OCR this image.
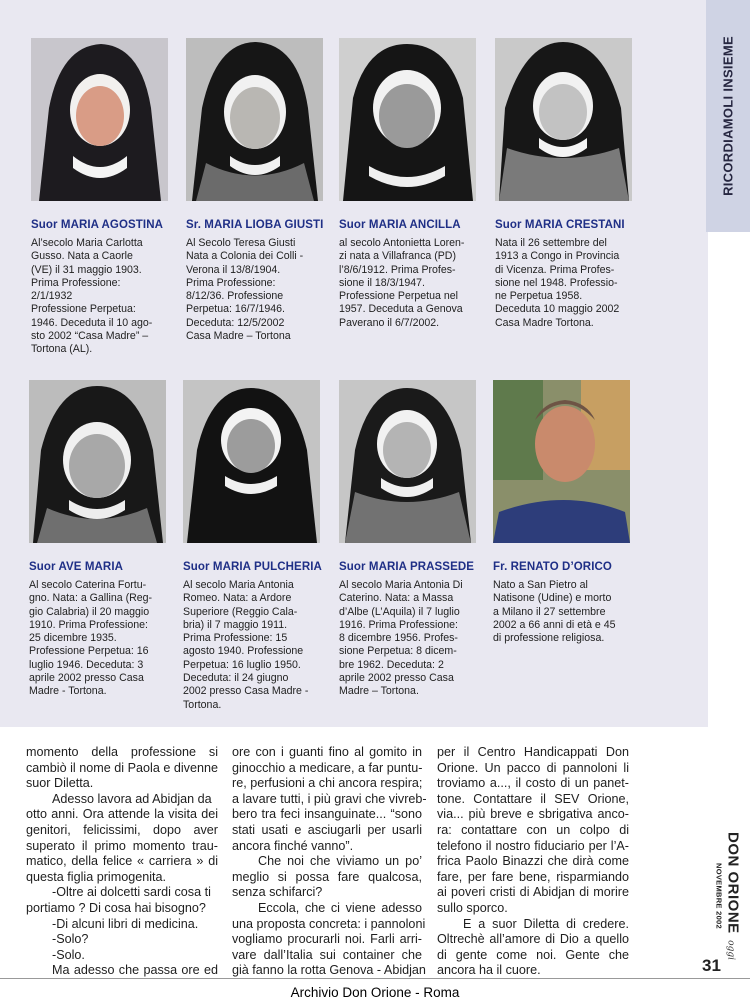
RICORDIAMOLI INSIEME
Suor MARIA AGOSTINA Sr. MARIA LIOBA GIUSTI Suor MARIA ANCILLA	Suor MARIA CRESTANI
Al’secolo Maria Carlotta
Gusso. Nata a Caorle
(VE) il 31 maggio 1903.
Prima Professione:
2/1/1932
Professione Perpetua:
1946. Deceduta il 10 ago-
sto 2002 “Casa Madre” –
Tortona (AL).
Al Secolo Teresa Giusti
Nata a Colonia dei Colli -
Verona il 13/8/1904.
Prima Professione:
8/12/36. Professione
Perpetua: 16/7/1946.
Deceduta: 12/5/2002
Casa Madre – Tortona
al secolo Antonietta Loren-
zi nata a Villafranca (PD)
l’8/6/1912. Prima Profes-
sione il 18/3/1947.
Professione Perpetua nel
1957. Deceduta a Genova
Paverano il 6/7/2002.
Nata il 26 settembre del
1913 a Congo in Provincia
di Vicenza. Prima Profes-
sione nel 1948. Professio-
ne Perpetua 1958.
Deceduta 10 maggio 2002
Casa Madre Tortona.
Suor AVE MARIA	Suor MARIA PULCHERIA Suor MARIA PRASSEDE Fr. RENATO D’ORICO
Al secolo Caterina Fortu-
gno. Nata: a Gallina (Reg-
gio Calabria) il 20 maggio
1910. Prima Professione:
25 dicembre 1935.
Professione Perpetua: 16
luglio 1946. Deceduta: 3
aprile 2002 presso Casa
Madre - Tortona.
Al secolo Maria Antonia
Romeo. Nata: a Ardore
Superiore (Reggio Cala-
bria) il 7 maggio 1911.
Prima Professione: 15
agosto 1940. Professione
Perpetua: 16 luglio 1950.
Deceduta: il 24 giugno
2002 presso Casa Madre -
Tortona.
Al secolo Maria Antonia Di
Caterino. Nata: a Massa
d’Albe (L’Aquila) il 7 luglio
1916. Prima Professione:
8 dicembre 1956. Profes-
sione Perpetua: 8 dicem-
bre 1962. Deceduta: 2
aprile 2002 presso Casa
Madre – Tortona.
Nato a San Pietro al
Natisone (Udine) e morto
a Milano il 27 settembre
2002 a 66 anni di età e 45
di professione religiosa.
momento della professione si
cambiò il nome di Paola e divenne
suor Diletta.
Adesso lavora ad Abidjan da
otto anni. Ora attende la visita dei
genitori, felicissimi, dopo aver
superato il primo momento trau-
matico, della felice « carriera » di
questa figlia primogenita.
-Oltre ai dolcetti sardi cosa ti
portiamo ? Di cosa hai bisogno?
-Di alcuni libri di medicina.
-Solo?
-Solo.
Ma adesso che passa ore ed
ore con i guanti fino al gomito in
ginocchio a medicare, a far puntu-
re, perfusioni a chi ancora respira;
a lavare tutti, i più gravi che vivreb-
bero tra feci insanguinate... “sono
stati usati e asciugarli per usarli
ancora finché vanno”.
Che noi che viviamo un po’
meglio si possa fare qualcosa,
senza schifarci?
Eccola, che ci viene adesso
una proposta concreta: i pannoloni
vogliamo procurarli noi. Farli arri-
vare dall’Italia sui container che
già fanno la rotta Genova - Abidjan
per il Centro Handicappati Don
Orione. Un pacco di pannoloni li
troviamo a..., il costo di un panet-
tone. Contattare il SEV Orione,
via... più breve e sbrigativa anco-
ra: contattare con un colpo di
telefono il nostro fiduciario per l’A-
frica Paolo Binazzi che dirà come
fare, per fare bene, risparmiando
ai poveri cristi di Abidjan di morire
sullo sporco.
E a suor Diletta di credere.
Oltrechè all’amore di Dio a quello
di gente come noi. Gente che
ancora ha il cuore.
DON ORIONE oggi
NOVEMBRE 2002
31
Archivio Don Orione - Roma
